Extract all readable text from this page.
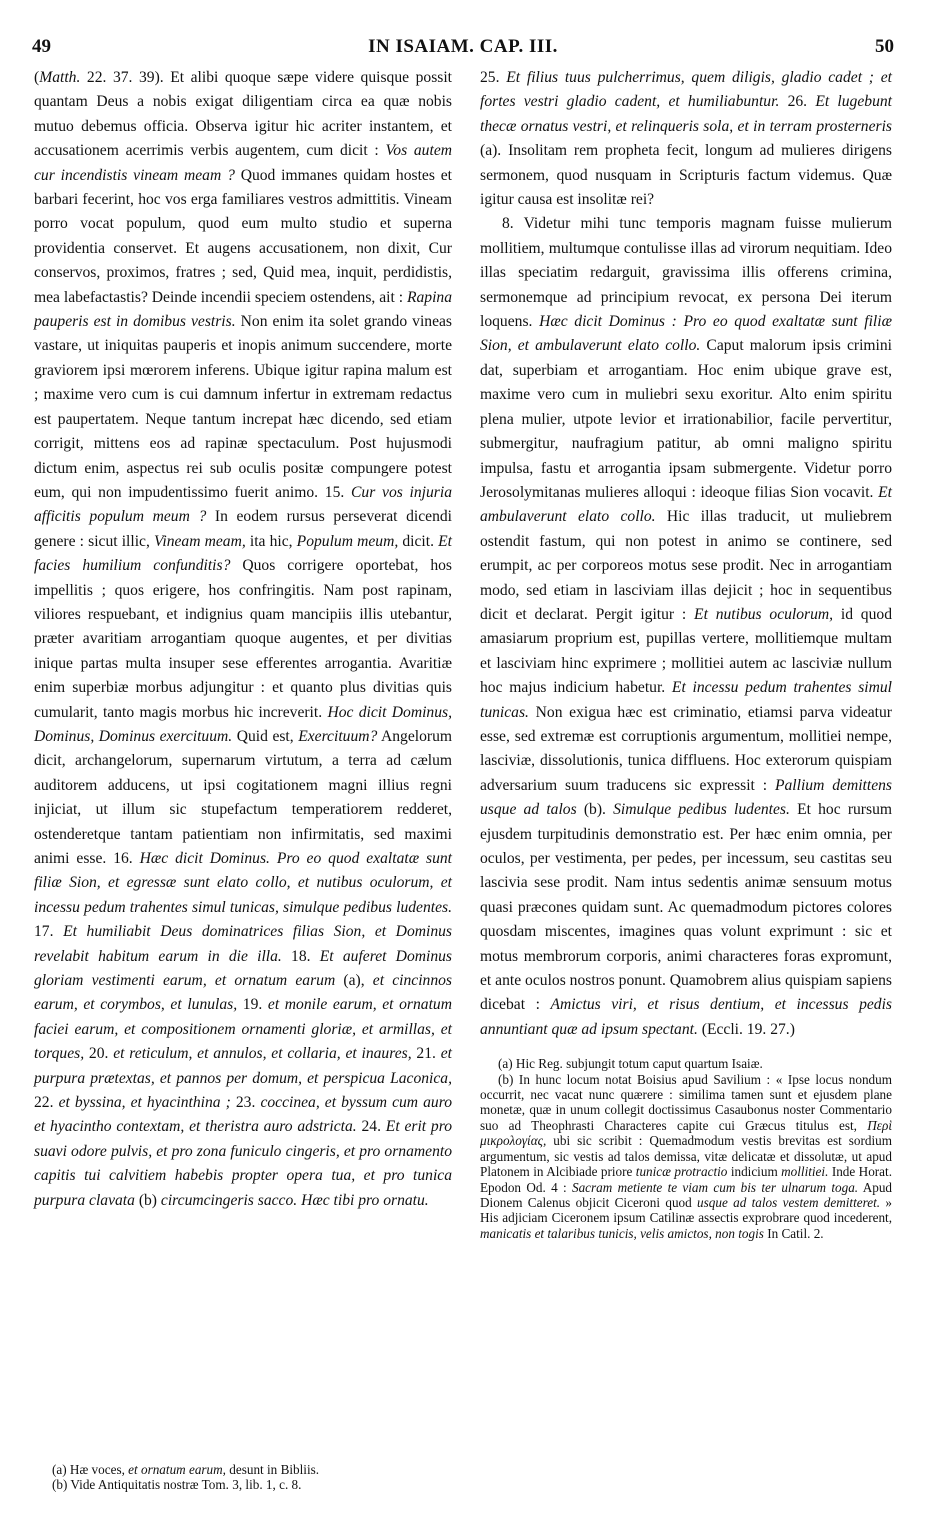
49	IN ISAIAM. CAP. III.	50

(Matth. 22. 37. 39). Et alibi quoque sæpe videre quisque possit quantam Deus a nobis exigat diligentiam circa ea quæ nobis mutuo debemus officia. Observa igitur hic acriter instantem, et accusationem acerrimis verbis augentem, cum dicit : Vos autem cur incendistis vineam meam ? Quod immanes quidam hostes et barbari fecerint, hoc vos erga familiares vestros admittitis. Vineam porro vocat populum, quod eum multo studio et superna providentia conservet. Et augens accusationem, non dixit, Cur conservos, proximos, fratres ; sed, Quid mea, inquit, perdidistis, mea labefactastis? Deinde incendii speciem ostendens, ait : Rapina pauperis est in domibus vestris. Non enim ita solet grando vineas vastare, ut iniquitas pauperis et inopis animum succendere, morte graviorem ipsi mœrorem inferens. Ubique igitur rapina malum est ; maxime vero cum is cui damnum infertur in extremam redactus est paupertatem. Neque tantum increpat hæc dicendo, sed etiam corrigit, mittens eos ad rapinæ spectaculum. Post hujusmodi dictum enim, aspectus rei sub oculis positæ compungere potest eum, qui non impudentissimo fuerit animo. 15. Cur vos injuria afficitis populum meum ? In eodem rursus perseverat dicendi genere : sicut illic, Vineam meam, ita hic, Populum meum, dicit. Et facies humilium confunditis? Quos corrigere oportebat, hos impellitis ; quos erigere, hos confringitis. Nam post rapinam, viliores respuebant, et indignius quam mancipiis illis utebantur, præter avaritiam arrogantiam quoque augentes, et per divitias inique partas multa insuper sese efferentes arrogantia. Avaritiæ enim superbiæ morbus adjungitur : et quanto plus divitias quis cumularit, tanto magis morbus hic increverit. Hoc dicit Dominus, Dominus, Dominus exercituum. Quid est, Exercituum? Angelorum dicit, archangelorum, supernarum virtutum, a terra ad cælum auditorem adducens, ut ipsi cogitationem magni illius regni injiciat, ut illum sic stupefactum temperatiorem redderet, ostenderetque tantam patientiam non infirmitatis, sed maximi animi esse. 16. Hæc dicit Dominus. Pro eo quod exaltatæ sunt filiæ Sion, et egressæ sunt elato collo, et nutibus oculorum, et incessu pedum trahentes simul tunicas, simulque pedibus ludentes. 17. Et humiliabit Deus dominatrices filias Sion, et Dominus revelabit habitum earum in die illa. 18. Et auferet Dominus gloriam vestimenti earum, et ornatum earum (a), et cincinnos earum, et corymbos, et lunulas, 19. et monile earum, et ornatum faciei earum, et compositionem ornamenti gloriæ, et armillas, et torques, 20. et reticulum, et annulos, et collaria, et inaures, 21. et purpura prætextas, et pannos per domum, et perspicua Laconica, 22. et byssina, et hyacinthina ; 23. coccinea, et byssum cum auro et hyacintho contextam, et theristra auro adstricta. 24. Et erit pro suavi odore pulvis, et pro zona funiculo cingeris, et pro ornamento capitis tui calvitiem habebis propter opera tua, et pro tunica purpura clavata (b) circumcingeris sacco. Hæc tibi pro ornatu.

(a) Hæ voces, et ornatum earum, desunt in Bibliis.

(b) Vide Antiquitatis nostræ Tom. 3, lib. 1, c. 8.

25. Et filius tuus pulcherrimus, quem diligis, gladio cadet ; et fortes vestri gladio cadent, et humiliabuntur. 26. Et lugebunt thecæ ornatus vestri, et relinqueris sola, et in terram prosterneris (a). Insolitam rem propheta fecit, longum ad mulieres dirigens sermonem, quod nusquam in Scripturis factum videmus. Quæ igitur causa est insolitæ rei?

8. Videtur mihi tunc temporis magnam fuisse mulierum mollitiem, multumque contulisse illas ad virorum nequitiam. Ideo illas speciatim redarguit, gravissima illis offerens crimina, sermonemque ad principium revocat, ex persona Dei iterum loquens. Hæc dicit Dominus : Pro eo quod exaltatæ sunt filiæ Sion, et ambulaverunt elato collo. Caput malorum ipsis crimini dat, superbiam et arrogantiam. Hoc enim ubique grave est, maxime vero cum in muliebri sexu exoritur. Alto enim spiritu plena mulier, utpote levior et irrationabilior, facile pervertitur, submergitur, naufragium patitur, ab omni maligno spiritu impulsa, fastu et arrogantia ipsam submergente. Videtur porro Jerosolymitanas mulieres alloqui : ideoque filias Sion vocavit. Et ambulaverunt elato collo. Hic illas traducit, ut muliebrem ostendit fastum, qui non potest in animo se continere, sed erumpit, ac per corporeos motus sese prodit. Nec in arrogantiam modo, sed etiam in lasciviam illas dejicit ; hoc in sequentibus dicit et declarat. Pergit igitur : Et nutibus oculorum, id quod amasiarum proprium est, pupillas vertere, mollitiemque multam et lasciviam hinc exprimere ; mollitiei autem ac lasciviæ nullum hoc majus indicium habetur. Et incessu pedum trahentes simul tunicas. Non exigua hæc est criminatio, etiamsi parva videatur esse, sed extremæ est corruptionis argumentum, mollitiei nempe, lasciviæ, dissolutionis, tunica diffluens. Hoc exterorum quispiam adversarium suum traducens sic expressit : Pallium demittens usque ad talos (b). Simulque pedibus ludentes. Et hoc rursum ejusdem turpitudinis demonstratio est. Per hæc enim omnia, per oculos, per vestimenta, per pedes, per incessum, seu castitas seu lascivia sese prodit. Nam intus sedentis animæ sensuum motus quasi præcones quidam sunt. Ac quemadmodum pictores colores quosdam miscentes, imagines quas volunt exprimunt : sic et motus membrorum corporis, animi characteres foras expromunt, et ante oculos nostros ponunt. Quamobrem alius quispiam sapiens dicebat : Amictus viri, et risus dentium, et incessus pedis annuntiant quæ ad ipsum spectant. (Eccli. 19. 27.)

(a) Hic Reg. subjungit totum caput quartum Isaiæ.

(b) In hunc locum notat Boisius apud Savilium : « Ipse locus nondum occurrit, nec vacat nunc quærere : similima tamen sunt et ejusdem plane monetæ, quæ in unum collegit doctissimus Casaubonus noster Commentario suo ad Theophrasti Characteres capite cui Græcus titulus est, Περὶ μικρολογίας, ubi sic scribit : Quemadmodum vestis brevitas est sordium argumentum, sic vestis ad talos demissa, vitæ delicatæ et dissolutæ, ut apud Platonem in Alcibiade priore tunicæ protractio indicium mollitiei. Inde Horat. Epodon Od. 4 : Sacram metiente te viam cum bis ter ulnarum toga. Apud Dionem Calenus objicit Ciceroni quod usque ad talos vestem demitteret. » His adjiciam Ciceronem ipsum Catilinæ assectis exprobrare quod incederent, manicatis et talaribus tunicis, velis amictos, non togis In Catil. 2.
